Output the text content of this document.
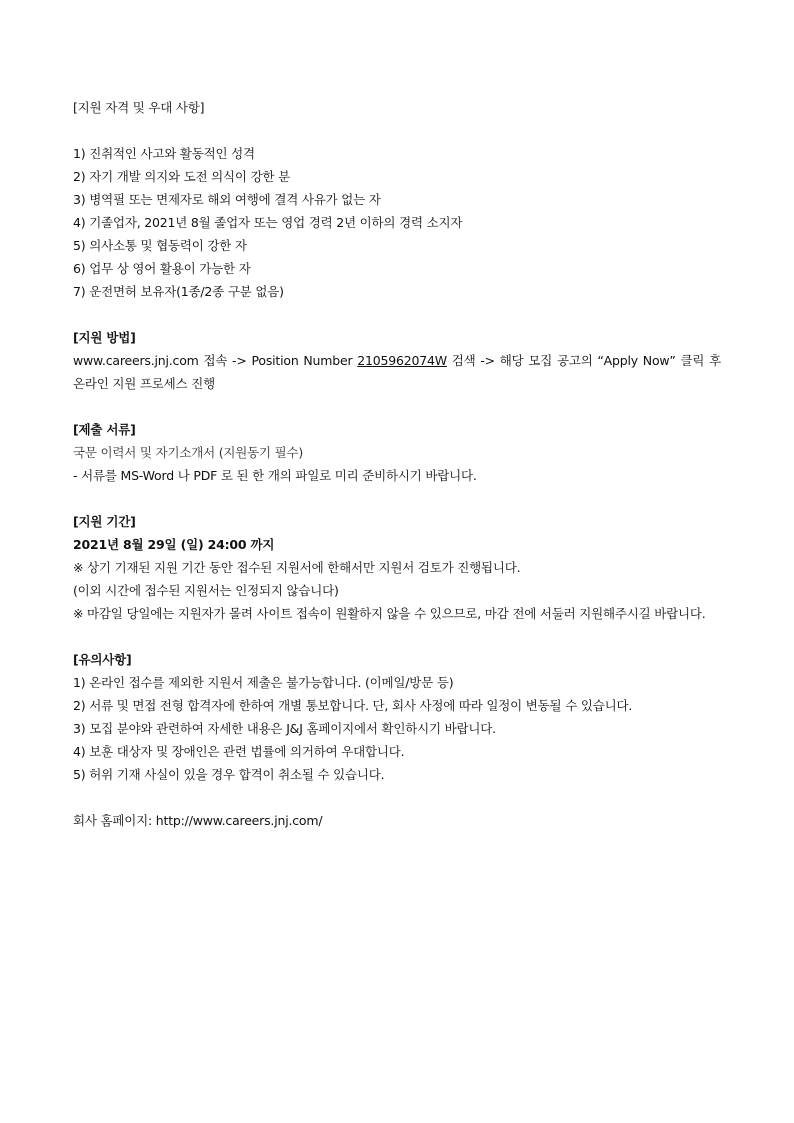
[지원 자격 및 우대 사항]
1) 진취적인 사고와 활동적인 성격
2) 자기 개발 의지와 도전 의식이 강한 분
3) 병역필 또는 면제자로 해외 여행에 결격 사유가 없는 자
4) 기졸업자, 2021년 8월 졸업자 또는 영업 경력 2년 이하의 경력 소지자
5) 의사소통 및 협동력이 강한 자
6) 업무 상 영어 활용이 가능한 자
7) 운전면허 보유자(1종/2종 구분 없음)
[지원 방법]
www.careers.jnj.com 접속 -> Position Number 2105962074W 검색 -> 해당 모집 공고의 “Apply Now” 클릭 후 온라인 지원 프로세스 진행
[제출 서류]
국문 이력서 및 자기소개서 (지원동기 필수)
- 서류를 MS-Word 나 PDF 로 된 한 개의 파일로 미리 준비하시기 바랍니다.
[지원 기간]
2021년 8월 29일 (일) 24:00 까지
※ 상기 기재된 지원 기간 동안 접수된 지원서에 한해서만 지원서 검토가 진행됩니다.
(이외 시간에 접수된 지원서는 인정되지 않습니다)
※ 마감일 당일에는 지원자가 몰려 사이트 접속이 원활하지 않을 수 있으므로, 마감 전에 서둘러 지원해주시길 바랍니다.
[유의사항]
1) 온라인 접수를 제외한 지원서 제출은 불가능합니다. (이메일/방문 등)
2) 서류 및 면접 전형 합격자에 한하여 개별 통보합니다. 단, 회사 사정에 따라 일정이 변동될 수 있습니다.
3) 모집 분야와 관련하여 자세한 내용은 J&J 홈페이지에서 확인하시기 바랍니다.
4) 보훈 대상자 및 장애인은 관련 법률에 의거하여 우대합니다.
5) 허위 기재 사실이 있을 경우 합격이 취소될 수 있습니다.
회사 홈페이지: http://www.careers.jnj.com/
